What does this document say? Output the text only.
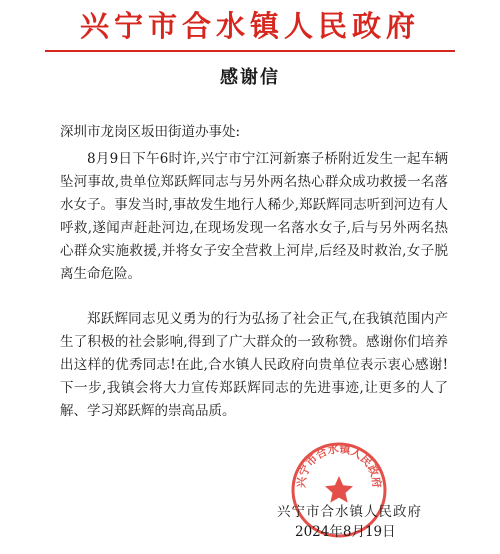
兴宁市合水镇人民政府
感谢信
深圳市龙岗区坂田街道办事处:

8月9日下午6时许,兴宁市宁江河新寨子桥附近发生一起车辆坠河事故,贵单位郑跃辉同志与另外两名热心群众成功救援一名落水女子。事发当时,事故发生地行人稀少,郑跃辉同志听到河边有人呼救,遂闻声赶赴河边,在现场发现一名落水女子,后与另外两名热心群众实施救援,并将女子安全营救上河岸,后经及时救治,女子脱离生命危险。

郑跃辉同志见义勇为的行为弘扬了社会正气,在我镇范围内产生了积极的社会影响,得到了广大群众的一致称赞。感谢你们培养出这样的优秀同志!在此,合水镇人民政府向贵单位表示衷心感谢!下一步,我镇会将大力宣传郑跃辉同志的先进事迹,让更多的人了解、学习郑跃辉的崇高品质。

兴宁市合水镇人民政府
兴宁市合水镇人民政府
2024年8月19日
